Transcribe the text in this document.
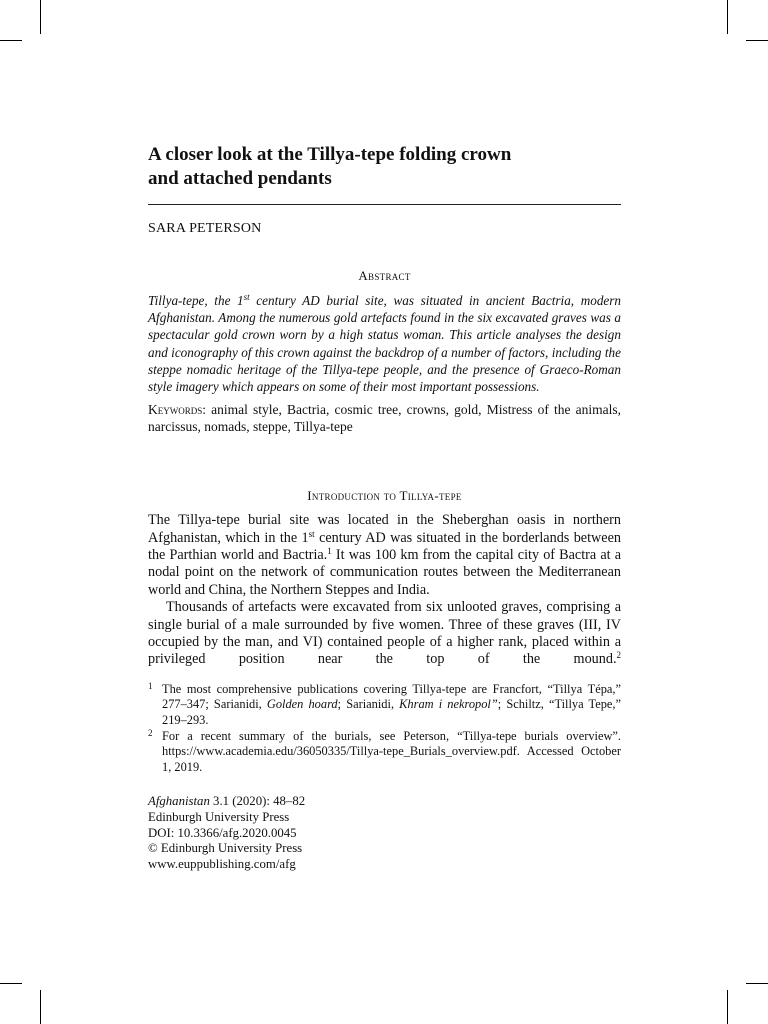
A closer look at the Tillya-tepe folding crown
and attached pendants
SARA PETERSON
Abstract

Tillya-tepe, the 1st century AD burial site, was situated in ancient Bactria, modern Afghanistan. Among the numerous gold artefacts found in the six excavated graves was a spectacular gold crown worn by a high status woman. This article analyses the design and iconography of this crown against the backdrop of a number of factors, including the steppe nomadic heritage of the Tillya-tepe people, and the presence of Graeco-Roman style imagery which appears on some of their most important possessions.

Keywords: animal style, Bactria, cosmic tree, crowns, gold, Mistress of the animals, narcissus, nomads, steppe, Tillya-tepe

Introduction to Tillya-tepe

The Tillya-tepe burial site was located in the Sheberghan oasis in northern Afghanistan, which in the 1st century AD was situated in the borderlands between the Parthian world and Bactria.$^1$ It was 100 km from the capital city of Bactra at a nodal point on the network of communication routes between the Mediterranean world and China, the Northern Steppes and India.

Thousands of artefacts were excavated from six unlooted graves, comprising a single burial of a male surrounded by five women. Three of these graves (III, IV occupied by the man, and VI) contained people of a higher rank, placed within a privileged position near the top of the mound.$^2$

$^1$ The most comprehensive publications covering Tillya-tepe are Francfort, “Tillya Tépa,” 277–347; Sarianidi, Golden hoard; Sarianidi, Khram i nekropol”; Schiltz, “Tillya Tepe,” 219–293.
$^2$ For a recent summary of the burials, see Peterson, “Tillya-tepe burials overview”. https://www.academia.edu/36050335/Tillya-tepe_Burials_overview.pdf. Accessed October 1, 2019.
Afghanistan 3.1 (2020): 48–82
Edinburgh University Press
DOI: 10.3366/afg.2020.0045
© Edinburgh University Press
www.euppublishing.com/afg
